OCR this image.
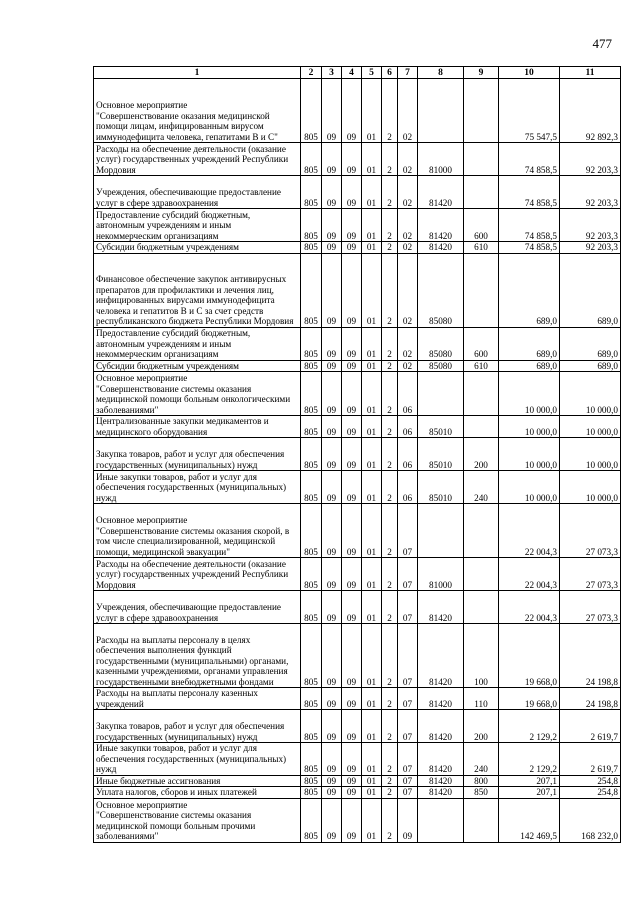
477
1	2	3	4	5	6	7	8	9	10	11
Основное мероприятие
"Совершенствование оказания медицинской помощи лицам, инфицированным вирусом иммунодефицита человека, гепатитами В и С"	805	09	09	01	2	02			75 547,5	92 892,3
Расходы на обеспечение деятельности (оказание услуг) государственных учреждений Республики Мордовия	805	09	09	01	2	02	81000		74 858,5	92 203,3
Учреждения, обеспечивающие предоставление услуг в сфере здравоохранения	805	09	09	01	2	02	81420		74 858,5	92 203,3
Предоставление субсидий бюджетным, автономным учреждениям и иным некоммерческим организациям	805	09	09	01	2	02	81420	600	74 858,5	92 203,3
Субсидии бюджетным учреждениям	805	09	09	01	2	02	81420	610	74 858,5	92 203,3
Финансовое обеспечение закупок антивирусных препаратов для профилактики и лечения лиц, инфицированных вирусами иммунодефицита человека и гепатитов В и С за счет средств республиканского бюджета Республики Мордовия	805	09	09	01	2	02	85080		689,0	689,0
Предоставление субсидий бюджетным, автономным учреждениям и иным некоммерческим организациям	805	09	09	01	2	02	85080	600	689,0	689,0
Субсидии бюджетным учреждениям	805	09	09	01	2	02	85080	610	689,0	689,0
Основное мероприятие
"Совершенствование системы оказания медицинской помощи больным онкологическими заболеваниями"	805	09	09	01	2	06			10 000,0	10 000,0
Централизованные закупки медикаментов и медицинского оборудования	805	09	09	01	2	06	85010		10 000,0	10 000,0
Закупка товаров, работ и услуг для обеспечения государственных (муниципальных) нужд	805	09	09	01	2	06	85010	200	10 000,0	10 000,0
Иные закупки товаров, работ и услуг для обеспечения государственных (муниципальных) нужд	805	09	09	01	2	06	85010	240	10 000,0	10 000,0
Основное мероприятие
"Совершенствование системы оказания скорой, в том числе специализированной, медицинской помощи, медицинской эвакуации"	805	09	09	01	2	07			22 004,3	27 073,3
Расходы на обеспечение деятельности (оказание услуг) государственных учреждений Республики Мордовия	805	09	09	01	2	07	81000		22 004,3	27 073,3
Учреждения, обеспечивающие предоставление услуг в сфере здравоохранения	805	09	09	01	2	07	81420		22 004,3	27 073,3
Расходы на выплаты персоналу в целях обеспечения выполнения функций государственными (муниципальными) органами, казенными учреждениями, органами управления государственными внебюджетными фондами	805	09	09	01	2	07	81420	100	19 668,0	24 198,8
Расходы на выплаты персоналу казенных учреждений	805	09	09	01	2	07	81420	110	19 668,0	24 198,8
Закупка товаров, работ и услуг для обеспечения государственных (муниципальных) нужд	805	09	09	01	2	07	81420	200	2 129,2	2 619,7
Иные закупки товаров, работ и услуг для обеспечения государственных (муниципальных) нужд	805	09	09	01	2	07	81420	240	2 129,2	2 619,7
Иные бюджетные ассигнования	805	09	09	01	2	07	81420	800	207,1	254,8
Уплата налогов, сборов и иных платежей	805	09	09	01	2	07	81420	850	207,1	254,8
Основное мероприятие
"Совершенствование системы оказания медицинской помощи больным прочими заболеваниями"	805	09	09	01	2	09			142 469,5	168 232,0
